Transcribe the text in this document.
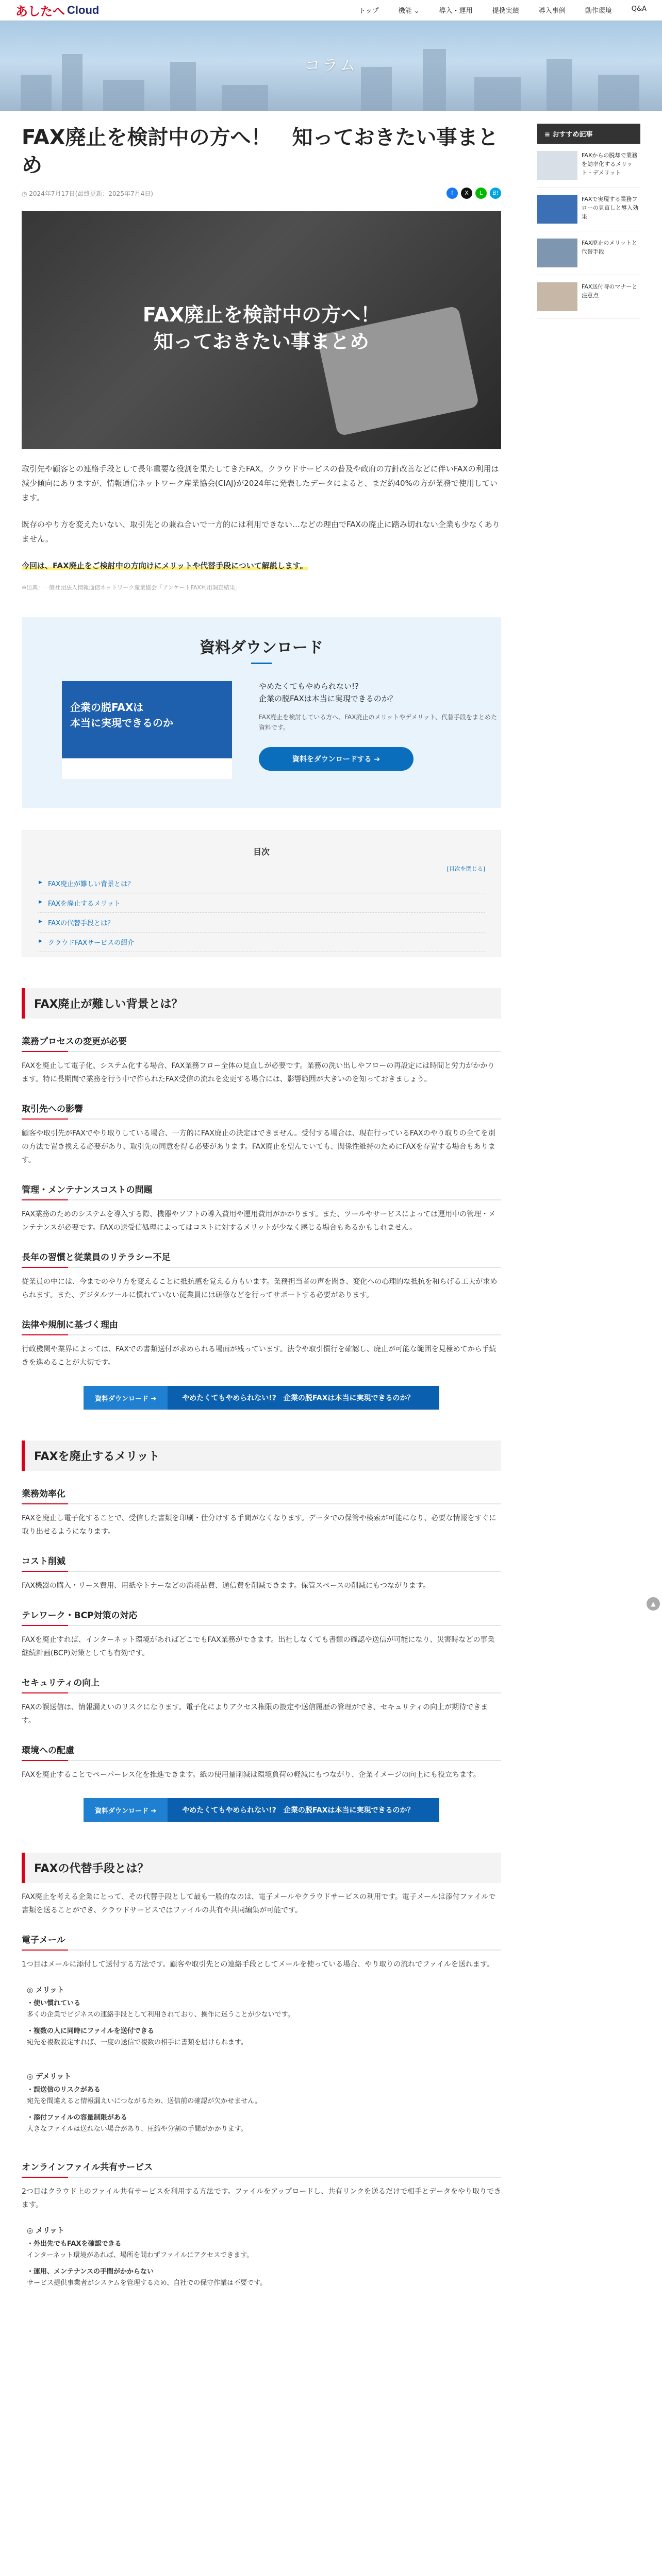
あしたへ Cloud	トップ	機能 ⌄	導入・運用	提携実績	導入事例	動作環境	Q&A
コラム
FAX廃止を検討中の方へ！　知っておきたい事まとめ
◷ 2024年7月17日(最終更新：2025年7月4日)	f	X	L	B!
FAX廃止を検討中の方へ！
知っておきたい事まとめ

取引先や顧客との連絡手段として長年重要な役割を果たしてきたFAX。クラウドサービスの普及や政府の方針改善などに伴いFAXの利用は減少傾向にありますが、情報通信ネットワーク産業協会(CIAJ)が2024年に発表したデータによると、まだ約40%の方が業務で使用しています。

既存のやり方を変えたいない、取引先との兼ね合いで一方的には利用できない…などの理由でFAXの廃止に踏み切れない企業も少なくありません。

今回は、FAX廃止をご検討中の方向けにメリットや代替手段について解説します。

※出典：一般社団法人情報通信ネットワーク産業協会「アンケートFAX利用調査結果」

資料ダウンロード
企業の脱FAXは
本当に実現できるのか
やめたくてもやめられない!?
企業の脱FAXは本当に実現できるのか？
FAX廃止を検討している方へ、FAX廃止のメリットやデメリット、代替手段をまとめた資料です。
資料をダウンロードする ➔
目次
[目次を閉じる]
▶ FAX廃止が難しい背景とは？
▶ FAXを廃止するメリット
▶ FAXの代替手段とは？
▶ クラウドFAXサービスの紹介
FAX廃止が難しい背景とは？
業務プロセスの変更が必要

FAXを廃止して電子化、システム化する場合、FAX業務フロー全体の見直しが必要です。業務の洗い出しやフローの再設定には時間と労力がかかります。特に長期間で業務を行う中で作られたFAX受信の流れを変更する場合には、影響範囲が大きいのを知っておきましょう。

取引先への影響

顧客や取引先がFAXでやり取りしている場合、一方的にFAX廃止の決定はできません。受付する場合は、現在行っているFAXのやり取りの全てを別の方法で置き換える必要があり、取引先の同意を得る必要があります。FAX廃止を望んでいても、関係性維持のためにFAXを存置する場合もあります。

管理・メンテナンスコストの問題

FAX業務のためのシステムを導入する際、機器やソフトの導入費用や運用費用がかかります。また、ツールやサービスによっては運用中の管理・メンテナンスが必要です。FAXの送受信処理によってはコストに対するメリットが少なく感じる場合もあるかもしれません。

長年の習慣と従業員のリテラシー不足

従業員の中には、今までのやり方を変えることに抵抗感を覚える方もいます。業務担当者の声を聞き、変化への心理的な抵抗を和らげる工夫が求められます。また、デジタルツールに慣れていない従業員には研修などを行ってサポートする必要があります。

法律や規制に基づく理由

行政機関や業界によっては、FAXでの書類送付が求められる場面が残っています。法令や取引慣行を確認し、廃止が可能な範囲を見極めてから手続きを進めることが大切です。

資料ダウンロード ➔	やめたくてもやめられない!?　企業の脱FAXは本当に実現できるのか？
FAXを廃止するメリット
業務効率化

FAXを廃止し電子化することで、受信した書類を印刷・仕分けする手間がなくなります。データでの保管や検索が可能になり、必要な情報をすぐに取り出せるようになります。

コスト削減

FAX機器の購入・リース費用、用紙やトナーなどの消耗品費、通信費を削減できます。保管スペースの削減にもつながります。

テレワーク・BCP対策の対応

FAXを廃止すれば、インターネット環境があればどこでもFAX業務ができます。出社しなくても書類の確認や送信が可能になり、災害時などの事業継続計画(BCP)対策としても有効です。

セキュリティの向上

FAXの誤送信は、情報漏えいのリスクになります。電子化によりアクセス権限の設定や送信履歴の管理ができ、セキュリティの向上が期待できます。

環境への配慮

FAXを廃止することでペーパーレス化を推進できます。紙の使用量削減は環境負荷の軽減にもつながり、企業イメージの向上にも役立ちます。

資料ダウンロード ➔	やめたくてもやめられない!?　企業の脱FAXは本当に実現できるのか？
FAXの代替手段とは？

FAX廃止を考える企業にとって、その代替手段として最も一般的なのは、電子メールやクラウドサービスの利用です。電子メールは添付ファイルで書類を送ることができ、クラウドサービスではファイルの共有や共同編集が可能です。

電子メール

1つ目はメールに添付して送付する方法です。顧客や取引先との連絡手段としてメールを使っている場合、やり取りの流れでファイルを送れます。

◎ メリット
・使い慣れている
多くの企業でビジネスの連絡手段として利用されており、操作に迷うことが少ないです。
・複数の人に同時にファイルを送付できる
宛先を複数設定すれば、一度の送信で複数の相手に書類を届けられます。
◎ デメリット
・誤送信のリスクがある
宛先を間違えると情報漏えいにつながるため、送信前の確認が欠かせません。
・添付ファイルの容量制限がある
大きなファイルは送れない場合があり、圧縮や分割の手間がかかります。
オンラインファイル共有サービス

2つ目はクラウド上のファイル共有サービスを利用する方法です。ファイルをアップロードし、共有リンクを送るだけで相手とデータをやり取りできます。

◎ メリット
・外出先でもFAXを確認できる
インターネット環境があれば、場所を問わずファイルにアクセスできます。
・運用、メンテナンスの手間がかからない
サービス提供事業者がシステムを管理するため、自社での保守作業は不要です。
≡ おすすめ記事
FAXからの脱却で業務を効率化するメリット・デメリット
FAXで実現する業務フローの見直しと導入効果
FAX廃止のメリットと代替手段
FAX送付時のマナーと注意点
▲
